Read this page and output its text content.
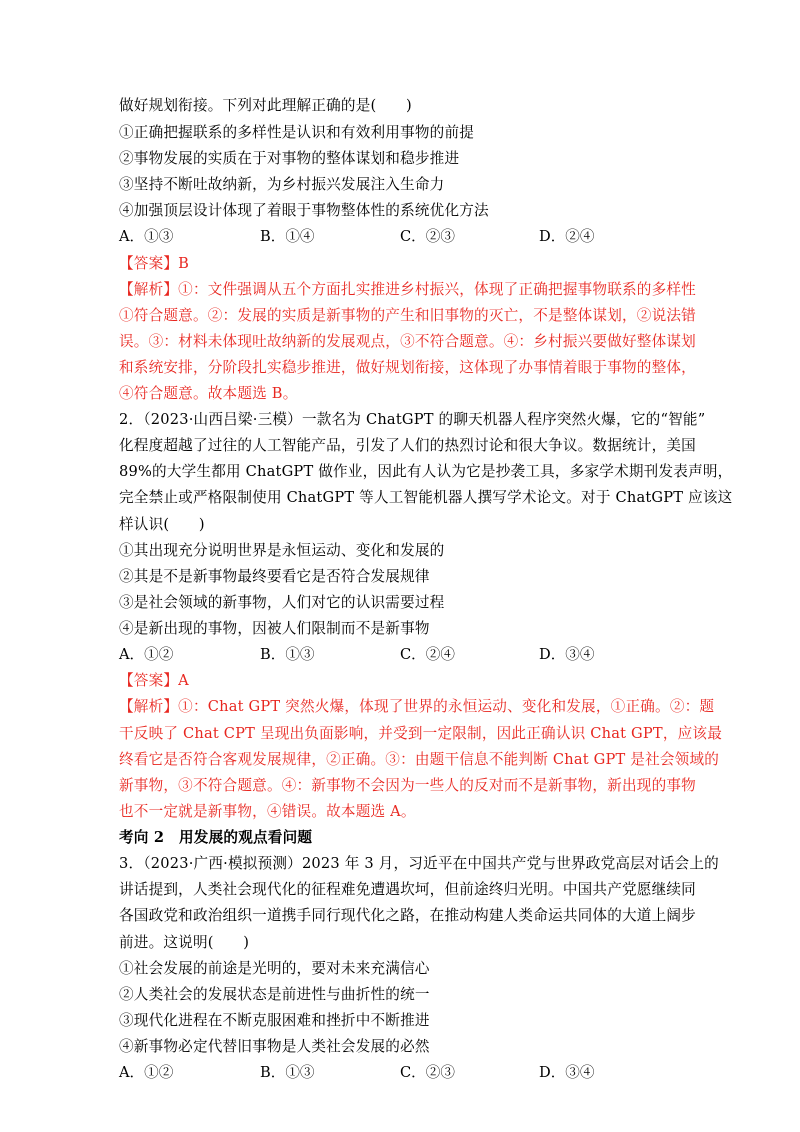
做好规划衔接。下列对此理解正确的是(　　)
①正确把握联系的多样性是认识和有效利用事物的前提
②事物发展的实质在于对事物的整体谋划和稳步推进
③坚持不断吐故纳新，为乡村振兴发展注入生命力
④加强顶层设计体现了着眼于事物整体性的系统优化方法
A．①③	B．①④	C．②③	D．②④
【答案】B
【解析】①：文件强调从五个方面扎实推进乡村振兴，体现了正确把握事物联系的多样性
①符合题意。②：发展的实质是新事物的产生和旧事物的灭亡，不是整体谋划，②说法错
误。③：材料未体现吐故纳新的发展观点，③不符合题意。④：乡村振兴要做好整体谋划
和系统安排，分阶段扎实稳步推进，做好规划衔接，这体现了办事情着眼于事物的整体，
④符合题意。故本题选 B。
2．（2023·山西吕梁·三模）一款名为 ChatGPT 的聊天机器人程序突然火爆，它的“智能”
化程度超越了过往的人工智能产品，引发了人们的热烈讨论和很大争议。数据统计，美国
89%的大学生都用 ChatGPT 做作业，因此有人认为它是抄袭工具，多家学术期刊发表声明，
完全禁止或严格限制使用 ChatGPT 等人工智能机器人撰写学术论文。对于 ChatGPT 应该这
样认识(　　)
①其出现充分说明世界是永恒运动、变化和发展的
②其是不是新事物最终要看它是否符合发展规律
③是社会领域的新事物，人们对它的认识需要过程
④是新出现的事物，因被人们限制而不是新事物
A．①②	B．①③	C．②④	D．③④
【答案】A
【解析】①：Chat GPT 突然火爆，体现了世界的永恒运动、变化和发展，①正确。②：题
干反映了 Chat CPT 呈现出负面影响，并受到一定限制，因此正确认识 Chat GPT，应该最
终看它是否符合客观发展规律，②正确。③：由题干信息不能判断 Chat GPT 是社会领域的
新事物，③不符合题意。④：新事物不会因为一些人的反对而不是新事物，新出现的事物
也不一定就是新事物，④错误。故本题选 A。
考向 2　用发展的观点看问题
3．（2023·广西·模拟预测）2023 年 3 月，习近平在中国共产党与世界政党高层对话会上的
讲话提到，人类社会现代化的征程难免遭遇坎坷，但前途终归光明。中国共产党愿继续同
各国政党和政治组织一道携手同行现代化之路，在推动构建人类命运共同体的大道上阔步
前进。这说明(　　)
①社会发展的前途是光明的，要对未来充满信心
②人类社会的发展状态是前进性与曲折性的统一
③现代化进程在不断克服困难和挫折中不断推进
④新事物必定代替旧事物是人类社会发展的必然
A．①②	B．①③	C．②③	D．③④
